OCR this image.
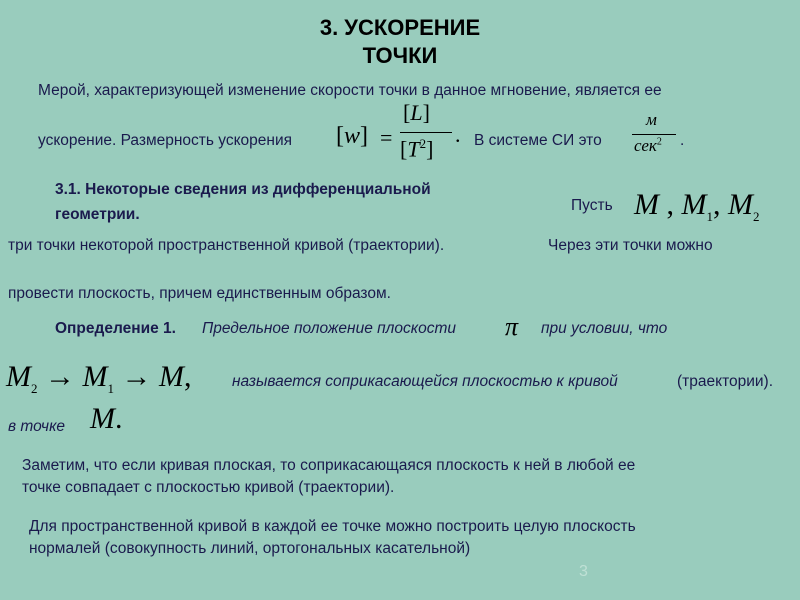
3. УСКОРЕНИЕ
ТОЧКИ
Мерой, характеризующей изменение скорости точки в данное мгновение, является ее
ускорение. Размерность ускорения [w] =
[L]
$[T^2]$
. В системе СИ это
м
сек$^2$ .
3.1. Некоторые сведения из дифференциальной
геометрии.
Пусть M , $M_1$, $M_2$
три точки некоторой пространственной кривой (траектории).	Через эти точки можно
провести плоскость, причем единственным образом.
Определение 1. Предельное положение плоскости π при условии, что
$M_2 \to M_1 \to M$,	называется соприкасающейся плоскостью к кривой	(траектории).
в точке M.
Заметим, что если кривая плоская, то соприкасающаяся плоскость к ней в любой ее
точке совпадает с плоскостью кривой (траектории).
Для пространственной кривой в каждой ее точке можно построить целую плоскость
нормалей (совокупность линий, ортогональных касательной)
3
